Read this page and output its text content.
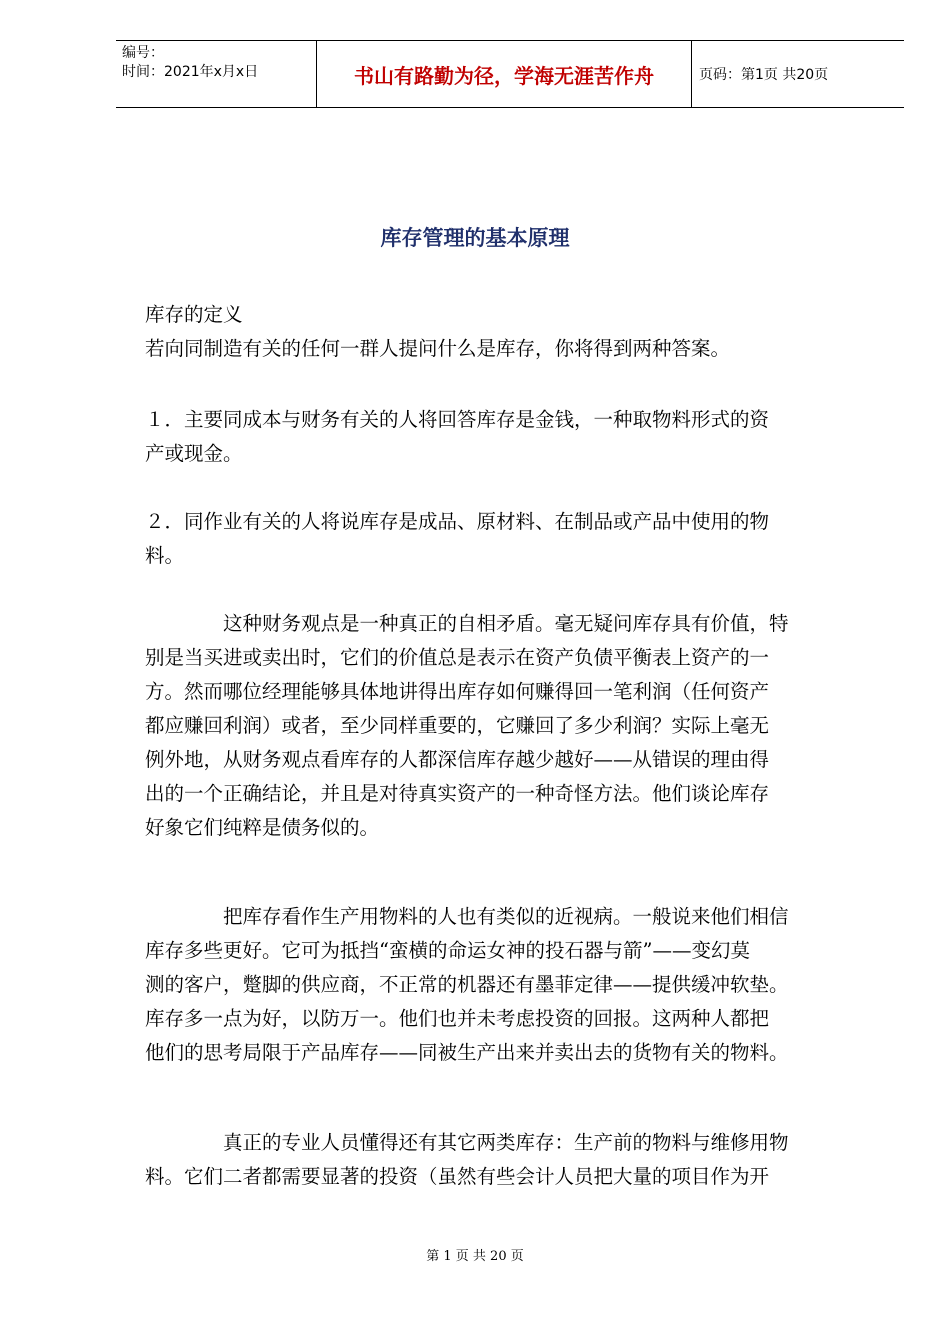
编号：
时间：2021年x月x日	书山有路勤为径，学海无涯苦作舟	页码：第1页 共20页
库存管理的基本原理
库存的定义
若向同制造有关的任何一群人提问什么是库存，你将得到两种答案。
１．主要同成本与财务有关的人将回答库存是金钱，一种取物料形式的资
产或现金。
２．同作业有关的人将说库存是成品、原材料、在制品或产品中使用的物
料。
这种财务观点是一种真正的自相矛盾。毫无疑问库存具有价值，特
别是当买进或卖出时，它们的价值总是表示在资产负债平衡表上资产的一
方。然而哪位经理能够具体地讲得出库存如何赚得回一笔利润（任何资产
都应赚回利润）或者，至少同样重要的，它赚回了多少利润？实际上毫无
例外地，从财务观点看库存的人都深信库存越少越好——从错误的理由得
出的一个正确结论，并且是对待真实资产的一种奇怪方法。他们谈论库存
好象它们纯粹是债务似的。
把库存看作生产用物料的人也有类似的近视病。一般说来他们相信
库存多些更好。它可为抵挡“蛮横的命运女神的投石器与箭”——变幻莫
测的客户，蹩脚的供应商，不正常的机器还有墨菲定律——提供缓冲软垫。
库存多一点为好，以防万一。他们也并未考虑投资的回报。这两种人都把
他们的思考局限于产品库存——同被生产出来并卖出去的货物有关的物料。
真正的专业人员懂得还有其它两类库存：生产前的物料与维修用物
料。它们二者都需要显著的投资（虽然有些会计人员把大量的项目作为开
第 1 页 共 20 页
